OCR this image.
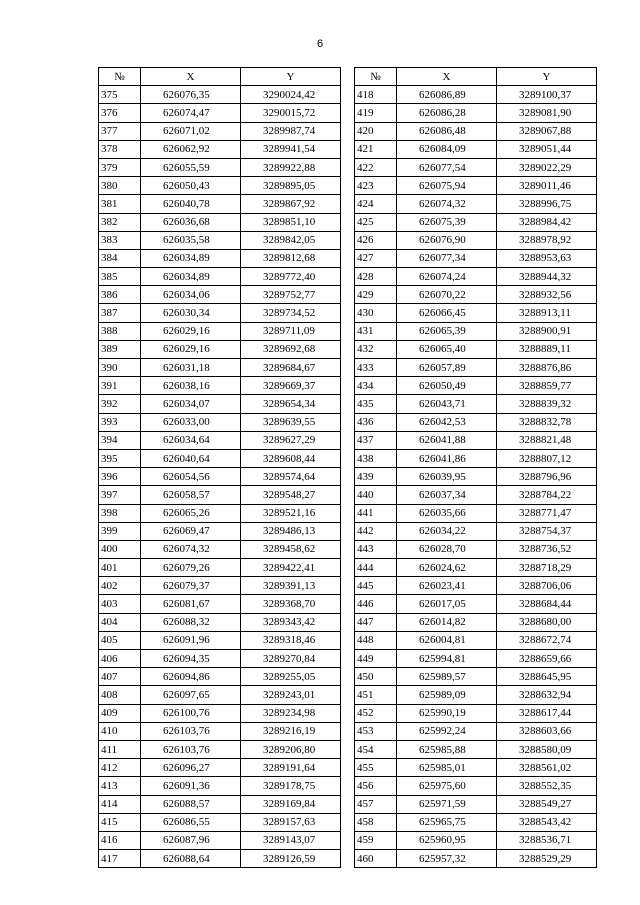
6
№	X	Y		№	X	Y
375	626076,35	3290024,42		418	626086,89	3289100,37
376	626074,47	3290015,72		419	626086,28	3289081,90
377	626071,02	3289987,74		420	626086,48	3289067,88
378	626062,92	3289941,54		421	626084,09	3289051,44
379	626055,59	3289922,88		422	626077,54	3289022,29
380	626050,43	3289895,05		423	626075,94	3289011,46
381	626040,78	3289867,92		424	626074,32	3288996,75
382	626036,68	3289851,10		425	626075,39	3288984,42
383	626035,58	3289842,05		426	626076,90	3288978,92
384	626034,89	3289812,68		427	626077,34	3288953,63
385	626034,89	3289772,40		428	626074,24	3288944,32
386	626034,06	3289752,77		429	626070,22	3288932,56
387	626030,34	3289734,52		430	626066,45	3288913,11
388	626029,16	3289711,09		431	626065,39	3288900,91
389	626029,16	3289692,68		432	626065,40	3288889,11
390	626031,18	3289684,67		433	626057,89	3288876,86
391	626038,16	3289669,37		434	626050,49	3288859,77
392	626034,07	3289654,34		435	626043,71	3288839,32
393	626033,00	3289639,55		436	626042,53	3288832,78
394	626034,64	3289627,29		437	626041,88	3288821,48
395	626040,64	3289608,44		438	626041,86	3288807,12
396	626054,56	3289574,64		439	626039,95	3288796,96
397	626058,57	3289548,27		440	626037,34	3288784,22
398	626065,26	3289521,16		441	626035,66	3288771,47
399	626069,47	3289486,13		442	626034,22	3288754,37
400	626074,32	3289458,62		443	626028,70	3288736,52
401	626079,26	3289422,41		444	626024,62	3288718,29
402	626079,37	3289391,13		445	626023,41	3288706,06
403	626081,67	3289368,70		446	626017,05	3288684,44
404	626088,32	3289343,42		447	626014,82	3288680,00
405	626091,96	3289318,46		448	626004,81	3288672,74
406	626094,35	3289270,84		449	625994,81	3288659,66
407	626094,86	3289255,05		450	625989,57	3288645,95
408	626097,65	3289243,01		451	625989,09	3288632,94
409	626100,76	3289234,98		452	625990,19	3288617,44
410	626103,76	3289216,19		453	625992,24	3288603,66
411	626103,76	3289206,80		454	625985,88	3288580,09
412	626096,27	3289191,64		455	625985,01	3288561,02
413	626091,36	3289178,75		456	625975,60	3288552,35
414	626088,57	3289169,84		457	625971,59	3288549,27
415	626086,55	3289157,63		458	625965,75	3288543,42
416	626087,96	3289143,07		459	625960,95	3288536,71
417	626088,64	3289126,59		460	625957,32	3288529,29
